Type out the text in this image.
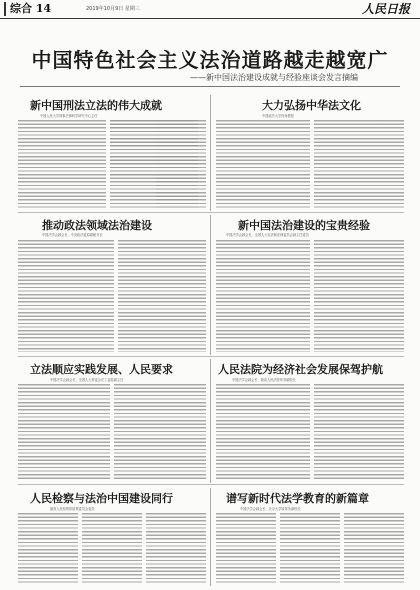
综合 14	2019年10月9日 星期三	人民日报
中国特色社会主义法治道路越走越宽广
——新中国法治建设成就与经验座谈会发言摘编
新中国刑法立法的伟大成就
中国人民大学刑事法律科学研究中心主任
大力弘扬中华法文化
中国政法大学终身教授
推动政法领域法治建设
中国法学会副会长、中央政法委原副秘书长
新中国法治建设的宝贵经验
中国法学会副会长、全国人大宪法和法律委员会副主任委员
立法顺应实践发展、人民要求
中国法学会副会长、全国人大常委会法工委原副主任
人民法院为经济社会发展保驾护航
中国法学会副会长、最高人民法院常务副院长
人民检察与法治中国建设同行
最高人民检察院检察委员会委员
谱写新时代法学教育的新篇章
中国法学会副会长、北京大学原常务副校长
